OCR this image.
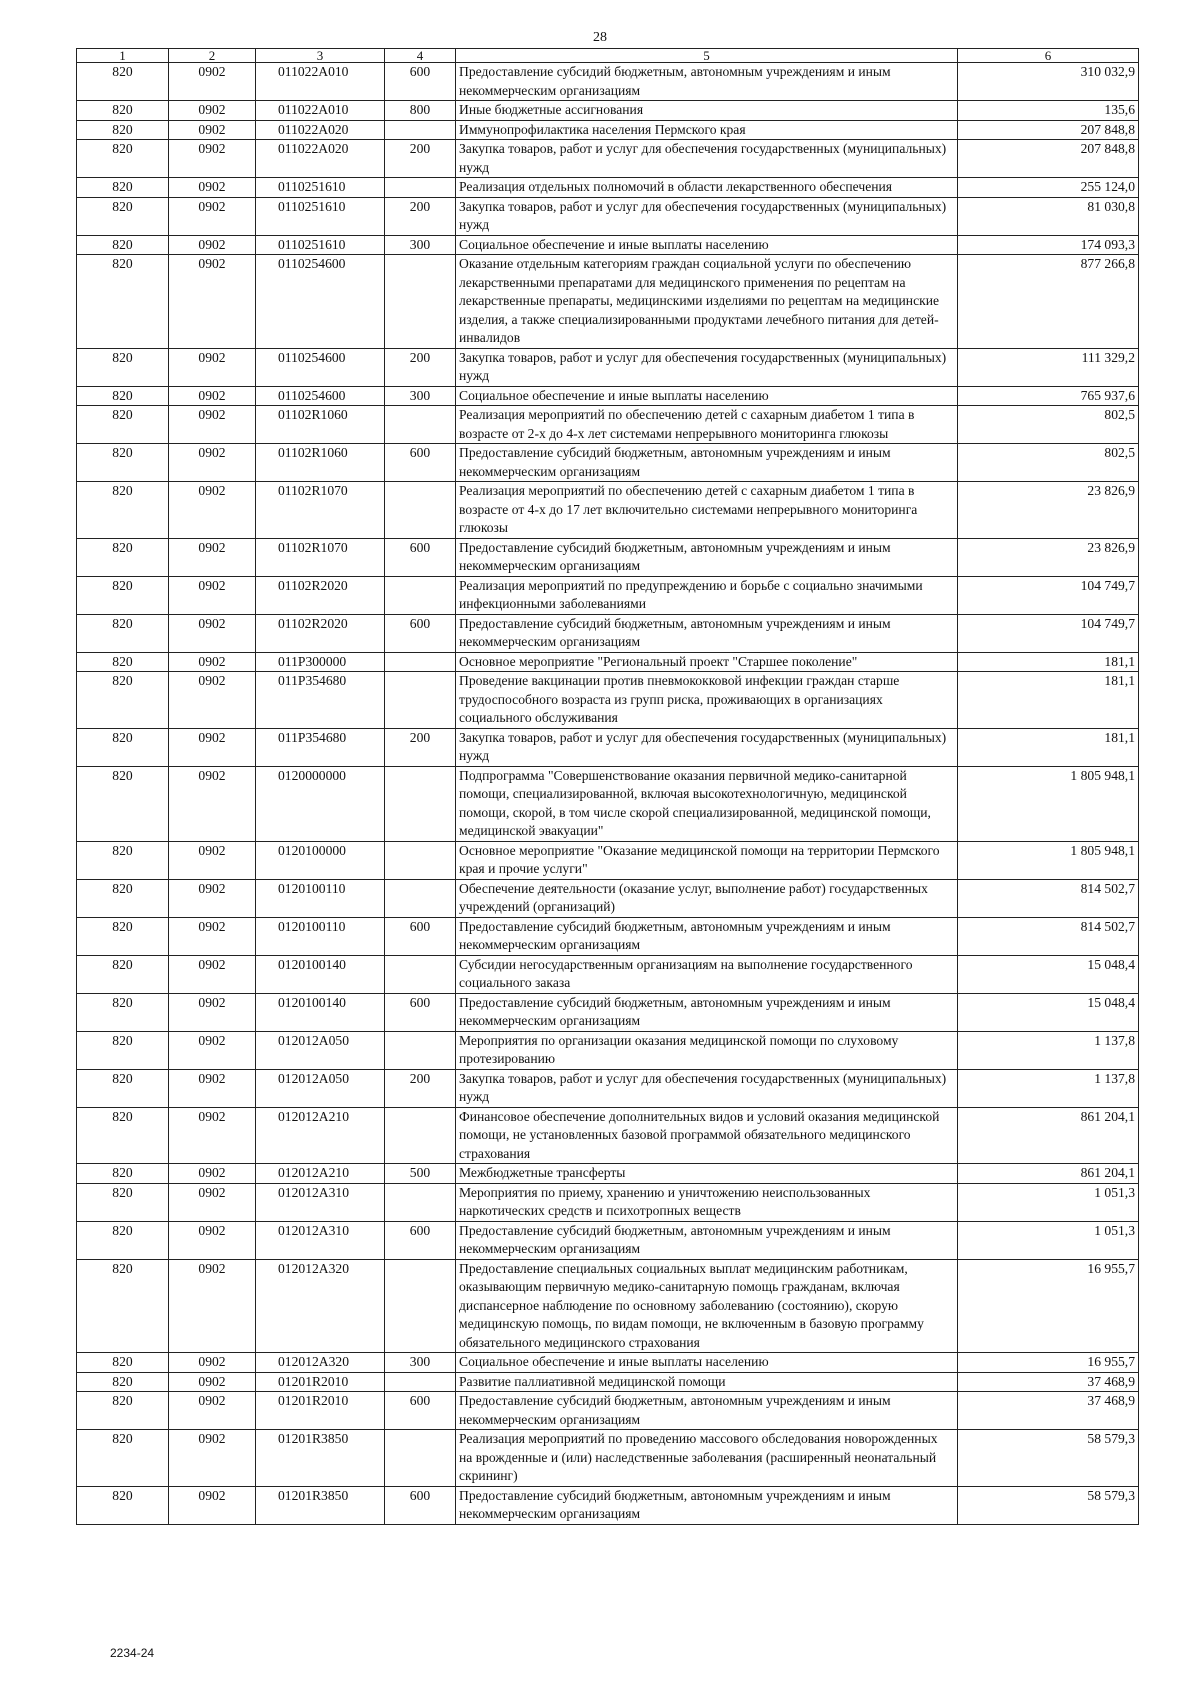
28
1	2	3	4	5	6
820	0902	011022А010	600	Предоставление субсидий бюджетным, автономным учреждениям и иным некоммерческим организациям	310 032,9
820	0902	011022А010	800	Иные бюджетные ассигнования	135,6
820	0902	011022А020		Иммунопрофилактика населения Пермского края	207 848,8
820	0902	011022А020	200	Закупка товаров, работ и услуг для обеспечения государственных (муниципальных) нужд	207 848,8
820	0902	0110251610		Реализация отдельных полномочий в области лекарственного обеспечения	255 124,0
820	0902	0110251610	200	Закупка товаров, работ и услуг для обеспечения государственных (муниципальных) нужд	81 030,8
820	0902	0110251610	300	Социальное обеспечение и иные выплаты населению	174 093,3
820	0902	0110254600		Оказание отдельным категориям граждан социальной услуги по обеспечению лекарственными препаратами для медицинского применения по рецептам на лекарственные препараты, медицинскими изделиями по рецептам на медицинские изделия, а также специализированными продуктами лечебного питания для детей-инвалидов	877 266,8
820	0902	0110254600	200	Закупка товаров, работ и услуг для обеспечения государственных (муниципальных) нужд	111 329,2
820	0902	0110254600	300	Социальное обеспечение и иные выплаты населению	765 937,6
820	0902	01102R1060		Реализация мероприятий по обеспечению детей с сахарным диабетом 1 типа в возрасте от 2-х до 4-х лет системами непрерывного мониторинга глюкозы	802,5
820	0902	01102R1060	600	Предоставление субсидий бюджетным, автономным учреждениям и иным некоммерческим организациям	802,5
820	0902	01102R1070		Реализация мероприятий по обеспечению детей с сахарным диабетом 1 типа в возрасте от 4-х до 17 лет включительно системами непрерывного мониторинга глюкозы	23 826,9
820	0902	01102R1070	600	Предоставление субсидий бюджетным, автономным учреждениям и иным некоммерческим организациям	23 826,9
820	0902	01102R2020		Реализация мероприятий по предупреждению и борьбе с социально значимыми инфекционными заболеваниями	104 749,7
820	0902	01102R2020	600	Предоставление субсидий бюджетным, автономным учреждениям и иным некоммерческим организациям	104 749,7
820	0902	011P300000		Основное мероприятие "Региональный проект "Старшее поколение"	181,1
820	0902	011P354680		Проведение вакцинации против пневмококковой инфекции граждан старше трудоспособного возраста из групп риска, проживающих в организациях социального обслуживания	181,1
820	0902	011P354680	200	Закупка товаров, работ и услуг для обеспечения государственных (муниципальных) нужд	181,1
820	0902	0120000000		Подпрограмма "Совершенствование оказания первичной медико-санитарной помощи, специализированной, включая высокотехнологичную, медицинской помощи, скорой, в том числе скорой специализированной, медицинской помощи, медицинской эвакуации"	1 805 948,1
820	0902	0120100000		Основное мероприятие "Оказание медицинской помощи на территории Пермского края и прочие услуги"	1 805 948,1
820	0902	0120100110		Обеспечение деятельности (оказание услуг, выполнение работ) государственных учреждений (организаций)	814 502,7
820	0902	0120100110	600	Предоставление субсидий бюджетным, автономным учреждениям и иным некоммерческим организациям	814 502,7
820	0902	0120100140		Субсидии негосударственным организациям на выполнение государственного социального заказа	15 048,4
820	0902	0120100140	600	Предоставление субсидий бюджетным, автономным учреждениям и иным некоммерческим организациям	15 048,4
820	0902	012012А050		Мероприятия по организации оказания медицинской помощи по слуховому протезированию	1 137,8
820	0902	012012А050	200	Закупка товаров, работ и услуг для обеспечения государственных (муниципальных) нужд	1 137,8
820	0902	012012А210		Финансовое обеспечение дополнительных видов и условий оказания медицинской помощи, не установленных базовой программой обязательного медицинского страхования	861 204,1
820	0902	012012А210	500	Межбюджетные трансферты	861 204,1
820	0902	012012А310		Мероприятия по приему, хранению и уничтожению неиспользованных наркотических средств и психотропных веществ	1 051,3
820	0902	012012А310	600	Предоставление субсидий бюджетным, автономным учреждениям и иным некоммерческим организациям	1 051,3
820	0902	012012А320		Предоставление специальных социальных выплат медицинским работникам, оказывающим первичную медико-санитарную помощь гражданам, включая диспансерное наблюдение по основному заболеванию (состоянию), скорую медицинскую помощь, по видам помощи, не включенным в базовую программу обязательного медицинского страхования	16 955,7
820	0902	012012А320	300	Социальное обеспечение и иные выплаты населению	16 955,7
820	0902	01201R2010		Развитие паллиативной медицинской помощи	37 468,9
820	0902	01201R2010	600	Предоставление субсидий бюджетным, автономным учреждениям и иным некоммерческим организациям	37 468,9
820	0902	01201R3850		Реализация мероприятий по проведению массового обследования новорожденных на врожденные и (или) наследственные заболевания (расширенный неонатальный скрининг)	58 579,3
820	0902	01201R3850	600	Предоставление субсидий бюджетным, автономным учреждениям и иным некоммерческим организациям	58 579,3
2234-24
